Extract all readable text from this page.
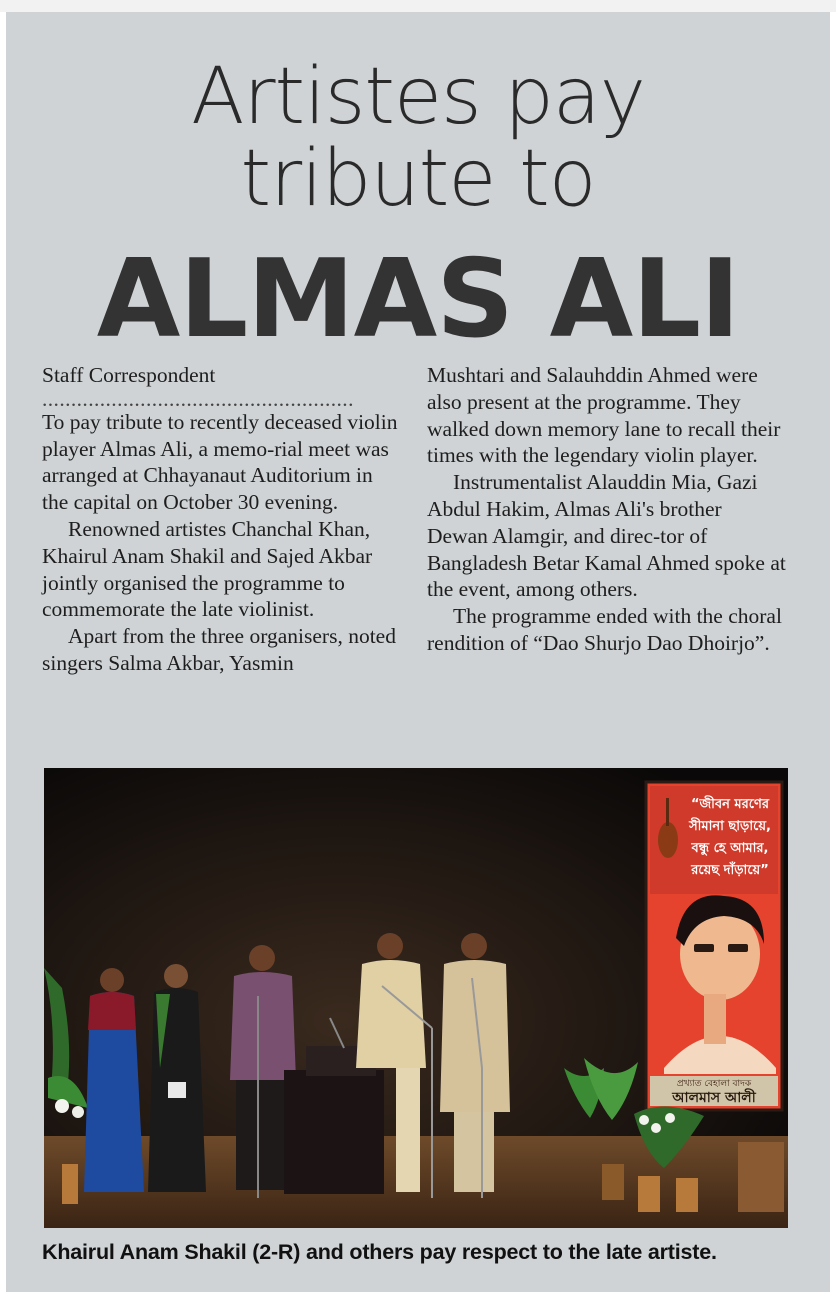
Artistes pay
tribute to
ALMAS ALI

Staff Correspondent

......................................................

To pay tribute to recently deceased violin player Almas Ali, a memo-rial meet was arranged at Chhayanaut Auditorium in the capital on October 30 evening.

Renowned artistes Chanchal Khan, Khairul Anam Shakil and Sajed Akbar jointly organised the programme to commemorate the late violinist.

Apart from the three organisers, noted singers Salma Akbar, Yasmin

Mushtari and Salauhddin Ahmed were also present at the programme. They walked down memory lane to recall their times with the legendary violin player.

Instrumentalist Alauddin Mia, Gazi Abdul Hakim, Almas Ali's brother Dewan Alamgir, and direc-tor of Bangladesh Betar Kamal Ahmed spoke at the event, among others.

The programme ended with the choral rendition of “Dao Shurjo Dao Dhoirjo”.

“জীবন মরণের
সীমানা ছাড়ায়ে,
বন্ধু হে আমার,
রয়েছ দাঁড়ায়ে”
প্রখ্যাত বেহালা বাদক
আলমাস আলী
Khairul Anam Shakil (2-R) and others pay respect to the late artiste.
